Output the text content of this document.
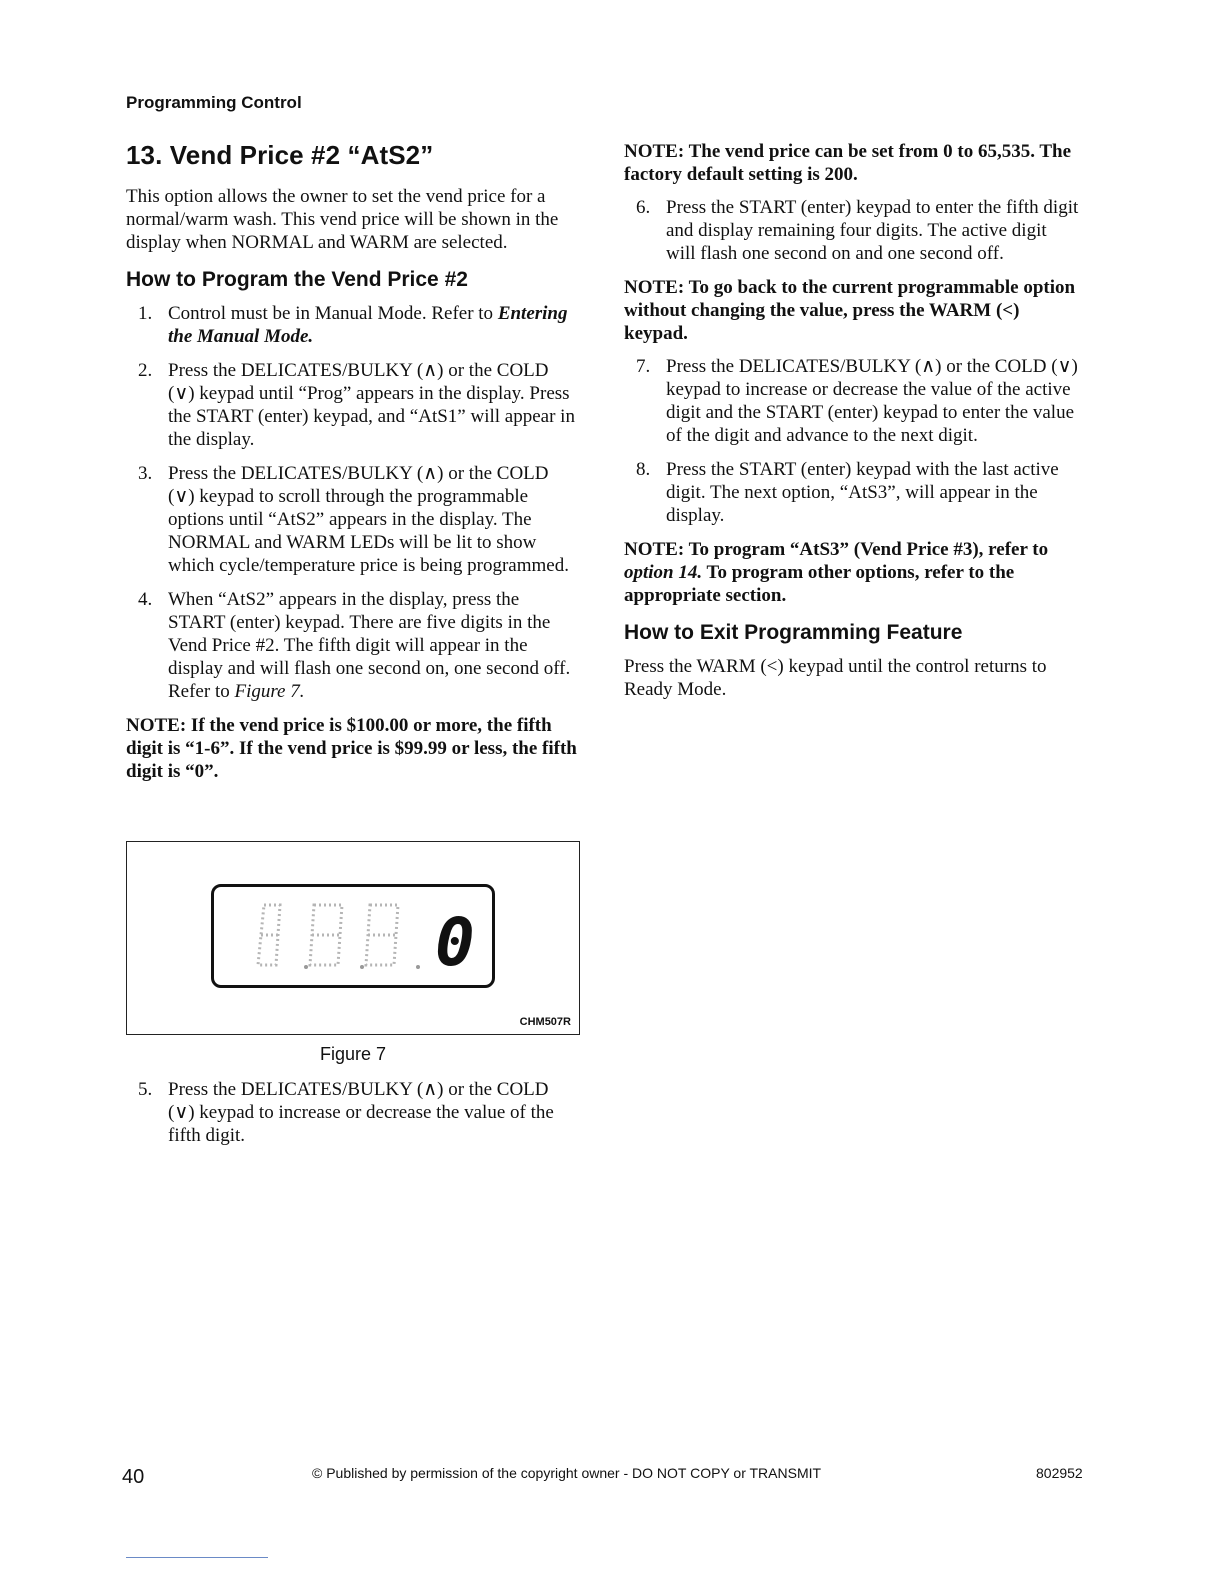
Programming Control
13. Vend Price #2 “AtS2”

This option allows the owner to set the vend price for a normal/warm wash. This vend price will be shown in the display when NORMAL and WARM are selected.

How to Program the Vend Price #2
1. Control must be in Manual Mode. Refer to Entering the Manual Mode.
2. Press the DELICATES/BULKY (∧) or the COLD (∨) keypad until “Prog” appears in the display. Press the START (enter) keypad, and “AtS1” will appear in the display.
3. Press the DELICATES/BULKY (∧) or the COLD (∨) keypad to scroll through the programmable options until “AtS2” appears in the display. The NORMAL and WARM LEDs will be lit to show which cycle/temperature price is being programmed.
4. When “AtS2” appears in the display, press the START (enter) keypad. There are five digits in the Vend Price #2. The fifth digit will appear in the display and will flash one second on, one second off. Refer to Figure 7.

NOTE: If the vend price is $100.00 or more, the fifth digit is “1-6”. If the vend price is $99.99 or less, the fifth digit is “0”.

0
CHM507R
Figure 7
5. Press the DELICATES/BULKY (∧) or the COLD (∨) keypad to increase or decrease the value of the fifth digit.

NOTE: The vend price can be set from 0 to 65,535. The factory default setting is 200.

6. Press the START (enter) keypad to enter the fifth digit and display remaining four digits. The active digit will flash one second on and one second off.

NOTE: To go back to the current programmable option without changing the value, press the WARM (<) keypad.

7. Press the DELICATES/BULKY (∧) or the COLD (∨) keypad to increase or decrease the value of the active digit and the START (enter) keypad to enter the value of the digit and advance to the next digit.
8. Press the START (enter) keypad with the last active digit. The next option, “AtS3”, will appear in the display.

NOTE: To program “AtS3” (Vend Price #3), refer to option 14. To program other options, refer to the appropriate section.

How to Exit Programming Feature

Press the WARM (<) keypad until the control returns to Ready Mode.

40	© Published by permission of the copyright owner - DO NOT COPY or TRANSMIT	802952
